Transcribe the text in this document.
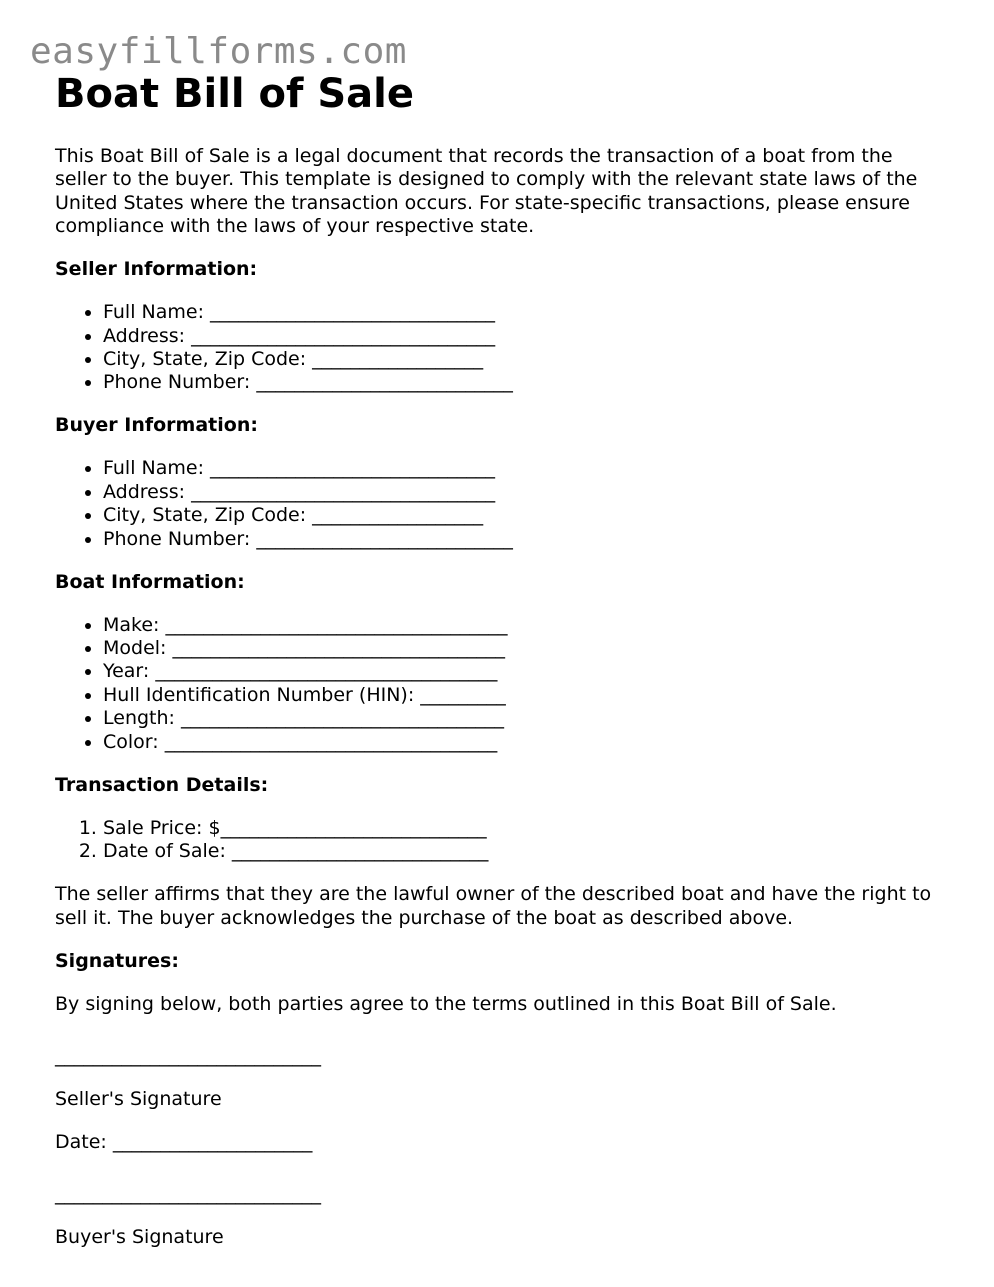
easyfillforms.com
Boat Bill of Sale

This Boat Bill of Sale is a legal document that records the transaction of a boat from the seller to the buyer. This template is designed to comply with the relevant state laws of the United States where the transaction occurs. For state-specific transactions, please ensure compliance with the laws of your respective state.

Seller Information:
• Full Name: ______________________________
• Address: ________________________________
• City, State, Zip Code: __________________
• Phone Number: ___________________________
Buyer Information:
• Full Name: ______________________________
• Address: ________________________________
• City, State, Zip Code: __________________
• Phone Number: ___________________________
Boat Information:
• Make: ____________________________________
• Model: ___________________________________
• Year: ____________________________________
• Hull Identification Number (HIN): _________
• Length: __________________________________
• Color: ___________________________________
Transaction Details:
1. Sale Price: $____________________________
2. Date of Sale: ___________________________

The seller affirms that they are the lawful owner of the described boat and have the right to sell it. The buyer acknowledges the purchase of the boat as described above.

Signatures:

By signing below, both parties agree to the terms outlined in this Boat Bill of Sale.

____________________________

Seller's Signature

Date: _____________________

____________________________

Buyer's Signature
